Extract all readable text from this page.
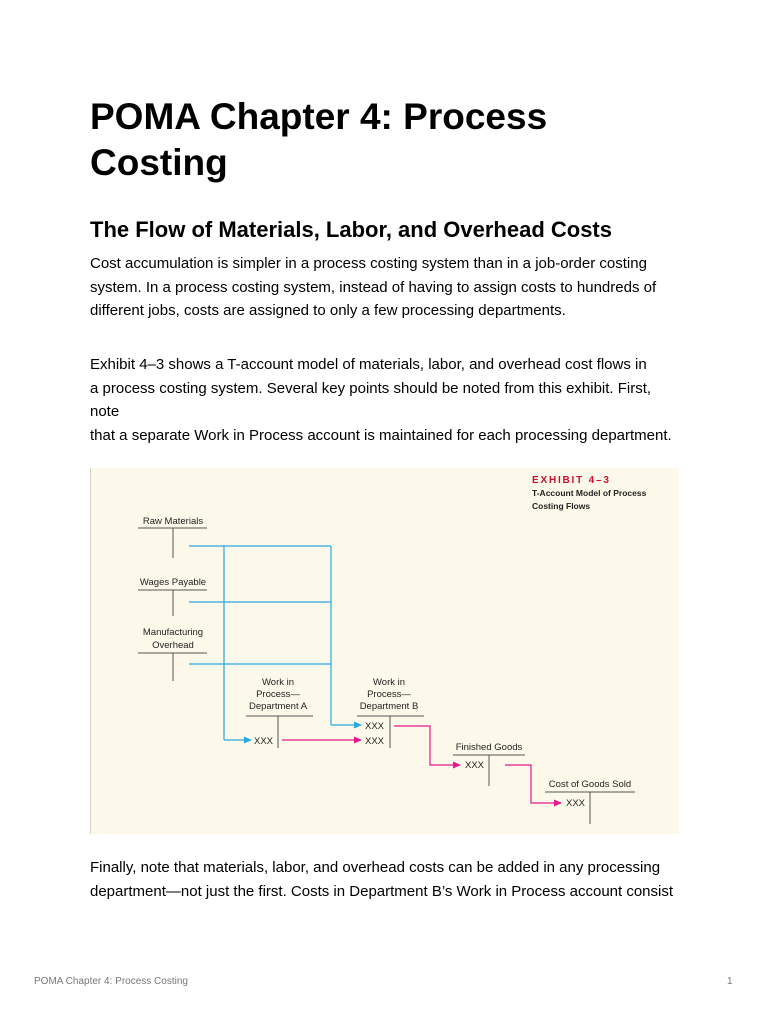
POMA Chapter 4: Process Costing
The Flow of Materials, Labor, and Overhead Costs

Cost accumulation is simpler in a process costing system than in a job-order costing
system. In a process costing system, instead of having to assign costs to hundreds of
different jobs, costs are assigned to only a few processing departments.

Exhibit 4–3 shows a T-account model of materials, labor, and overhead cost flows in
a process costing system. Several key points should be noted from this exhibit. First,
note
that a separate Work in Process account is maintained for each processing department.

EXHIBIT 4–3
T-Account Model of Process
Costing Flows
Raw Materials
Wages Payable
Manufacturing
Overhead
Work in
Process—
Department A
XXX
Work in
Process—
Department B
XXX
XXX
Finished Goods
XXX
Cost of Goods Sold
XXX

Finally, note that materials, labor, and overhead costs can be added in any processing
department—not just the first. Costs in Department B’s Work in Process account consist

POMA Chapter 4: Process Costing	1
